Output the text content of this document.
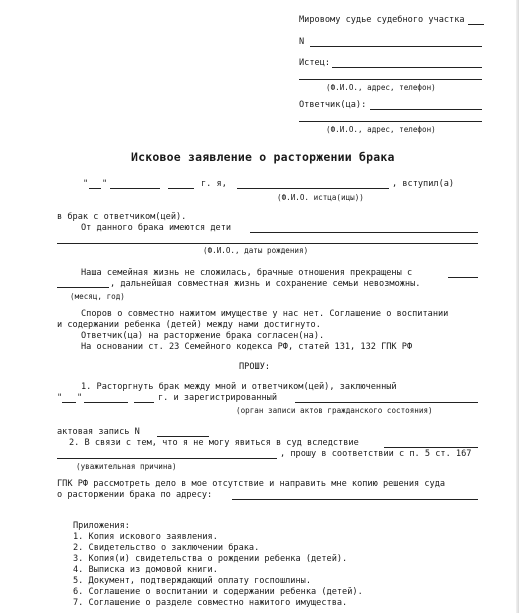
Мировому судье судебного участка
N
Истец:
(Ф.И.О., адрес, телефон)
Ответчик(ца):
(Ф.И.О., адрес, телефон)
Исковое заявление о расторжении брака
" "	г. я,	, вступил(а)
(Ф.И.О. истца(ицы))
в брак с ответчиком(цей).
От данного брака имеются дети
(Ф.И.О., даты рождения)
Наша семейная жизнь не сложилась, брачные отношения прекращены с
, дальнейшая совместная жизнь и сохранение семьи невозможны.
(месяц, год)
Споров о совместно нажитом имуществе у нас нет. Соглашение о воспитании
и содержании ребенка (детей) между нами достигнуто.
Ответчик(ца) на расторжение брака согласен(на).
На основании ст. 23 Семейного кодекса РФ, статей 131, 132 ГПК РФ
ПРОШУ:
1. Расторгнуть брак между мной и ответчиком(цей), заключенный
" "	г. и зарегистрированный
(орган записи актов гражданского состояния)
актовая запись N
2. В связи с тем, что я не могу явиться в суд вследствие
, прошу в соответствии с п. 5 ст. 167
(уважительная причина)
ГПК РФ рассмотреть дело в мое отсутствие и направить мне копию решения суда
о расторжении брака по адресу:
Приложения:
1. Копия искового заявления.
2. Свидетельство о заключении брака.
3. Копия(и) свидетельства о рождении ребенка (детей).
4. Выписка из домовой книги.
5. Документ, подтверждающий оплату госпошлины.
6. Соглашение о воспитании и содержании ребенка (детей).
7. Соглашение о разделе совместно нажитого имущества.
